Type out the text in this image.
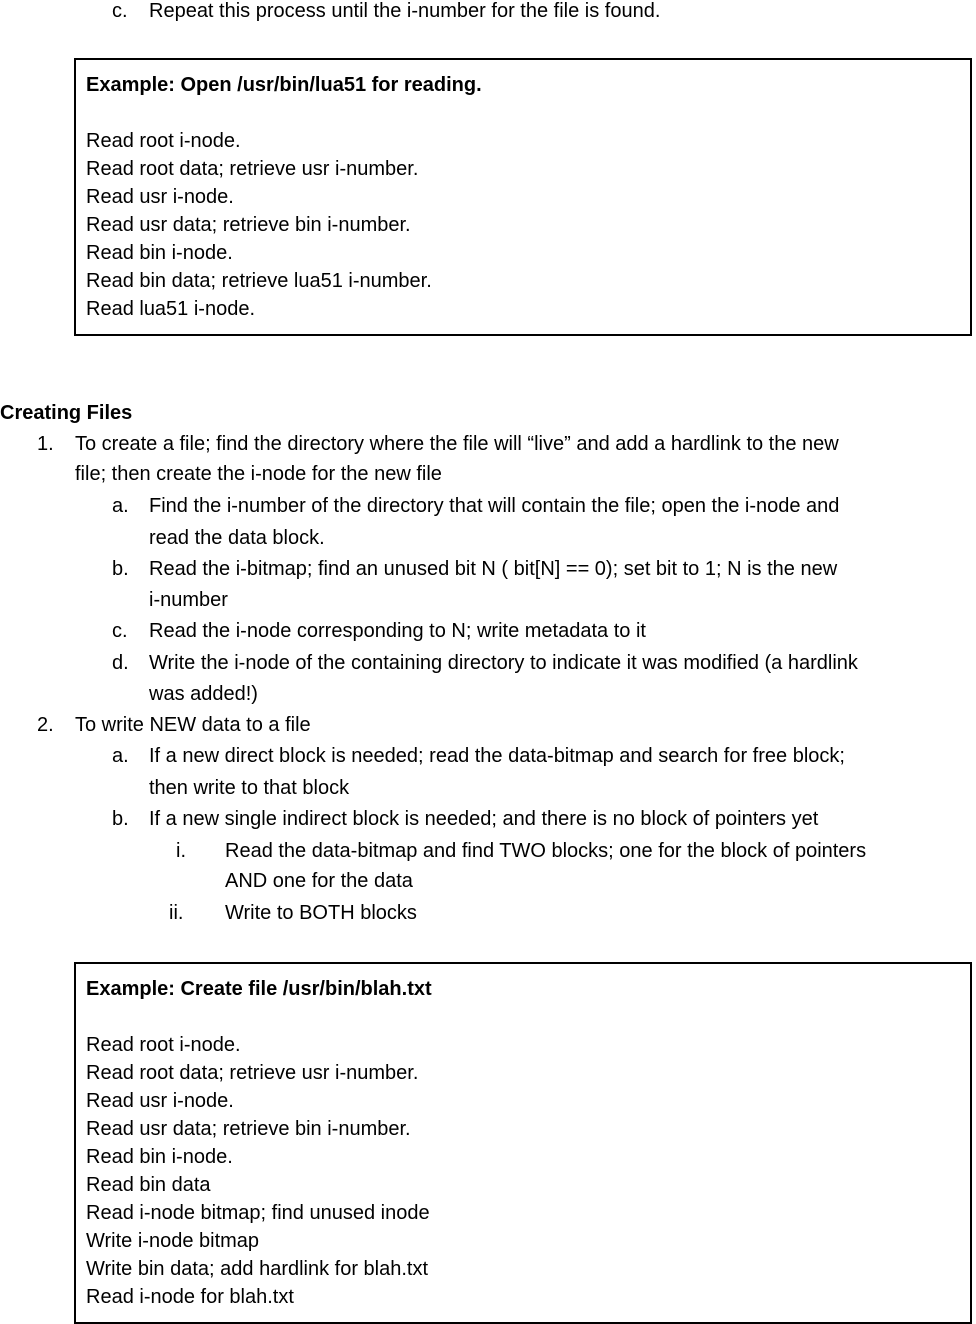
c. Repeat this process until the i-number for the file is found.
Example: Open /usr/bin/lua51 for reading.
Read root i-node.
Read root data; retrieve usr i-number.
Read usr i-node.
Read usr data; retrieve bin i-number.
Read bin i-node.
Read bin data; retrieve lua51 i-number.
Read lua51 i-node.
Creating Files
1. To create a file; find the directory where the file will “live” and add a hardlink to the new
file; then create the i-node for the new file
a. Find the i-number of the directory that will contain the file; open the i-node and
read the data block.
b. Read the i-bitmap; find an unused bit N ( bit[N] == 0); set bit to 1; N is the new
i-number
c. Read the i-node corresponding to N; write metadata to it
d. Write the i-node of the containing directory to indicate it was modified (a hardlink
was added!)
2. To write NEW data to a file
a. If a new direct block is needed; read the data-bitmap and search for free block;
then write to that block
b. If a new single indirect block is needed; and there is no block of pointers yet
i. Read the data-bitmap and find TWO blocks; one for the block of pointers
AND one for the data
ii. Write to BOTH blocks
Example: Create file /usr/bin/blah.txt
Read root i-node.
Read root data; retrieve usr i-number.
Read usr i-node.
Read usr data; retrieve bin i-number.
Read bin i-node.
Read bin data
Read i-node bitmap; find unused inode
Write i-node bitmap
Write bin data; add hardlink for blah.txt
Read i-node for blah.txt
